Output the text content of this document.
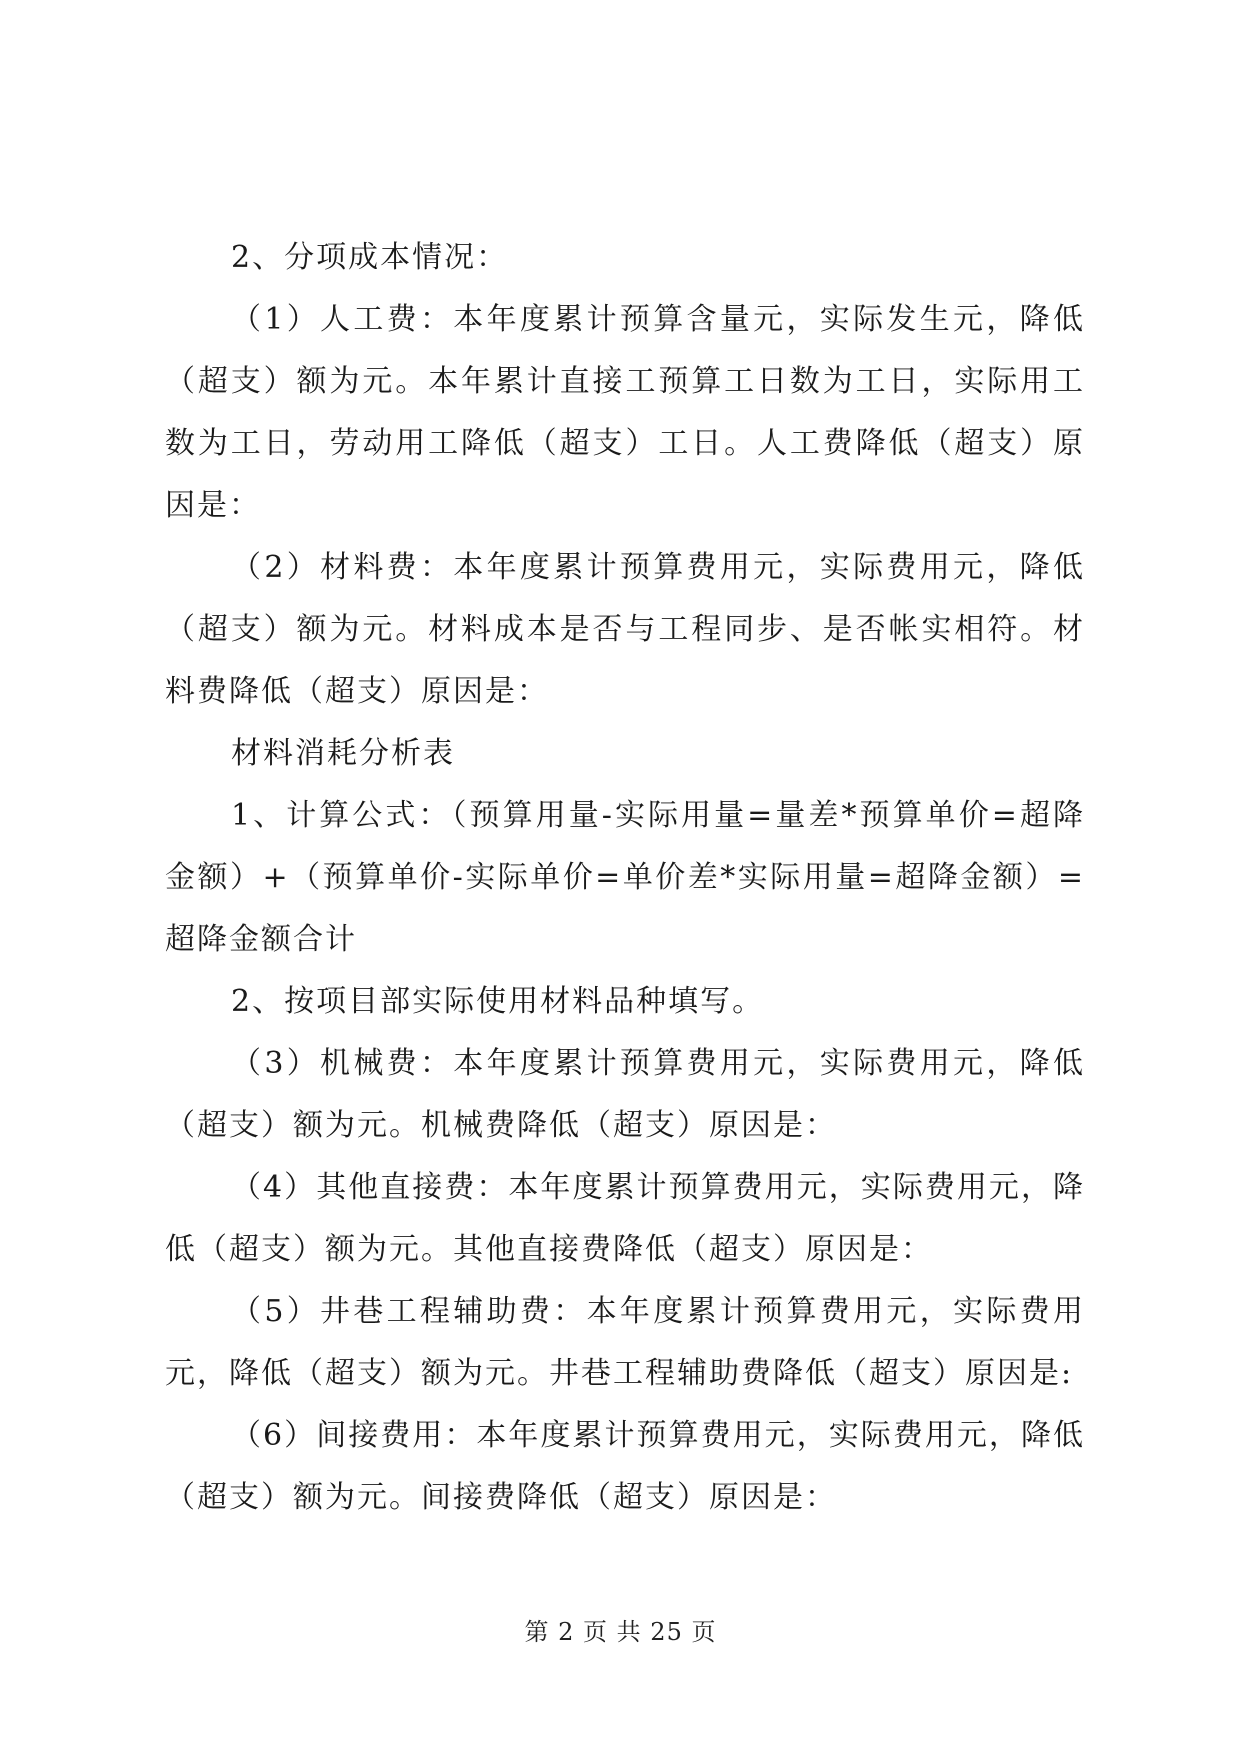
2、分项成本情况：

（1）人工费：本年度累计预算含量元，实际发生元，降低（超支）额为元。本年累计直接工预算工日数为工日，实际用工数为工日，劳动用工降低（超支）工日。人工费降低（超支）原因是：

（2）材料费：本年度累计预算费用元，实际费用元，降低（超支）额为元。材料成本是否与工程同步、是否帐实相符。材料费降低（超支）原因是：

材料消耗分析表

1、计算公式：（预算用量-实际用量=量差*预算单价=超降金额）+（预算单价-实际单价=单价差*实际用量=超降金额）=超降金额合计

2、按项目部实际使用材料品种填写。

（3）机械费：本年度累计预算费用元，实际费用元，降低（超支）额为元。机械费降低（超支）原因是：

（4）其他直接费：本年度累计预算费用元，实际费用元，降低（超支）额为元。其他直接费降低（超支）原因是：

（5）井巷工程辅助费：本年度累计预算费用元，实际费用元，降低（超支）额为元。井巷工程辅助费降低（超支）原因是:

（6）间接费用：本年度累计预算费用元，实际费用元，降低（超支）额为元。间接费降低（超支）原因是：

第 2 页 共 25 页
